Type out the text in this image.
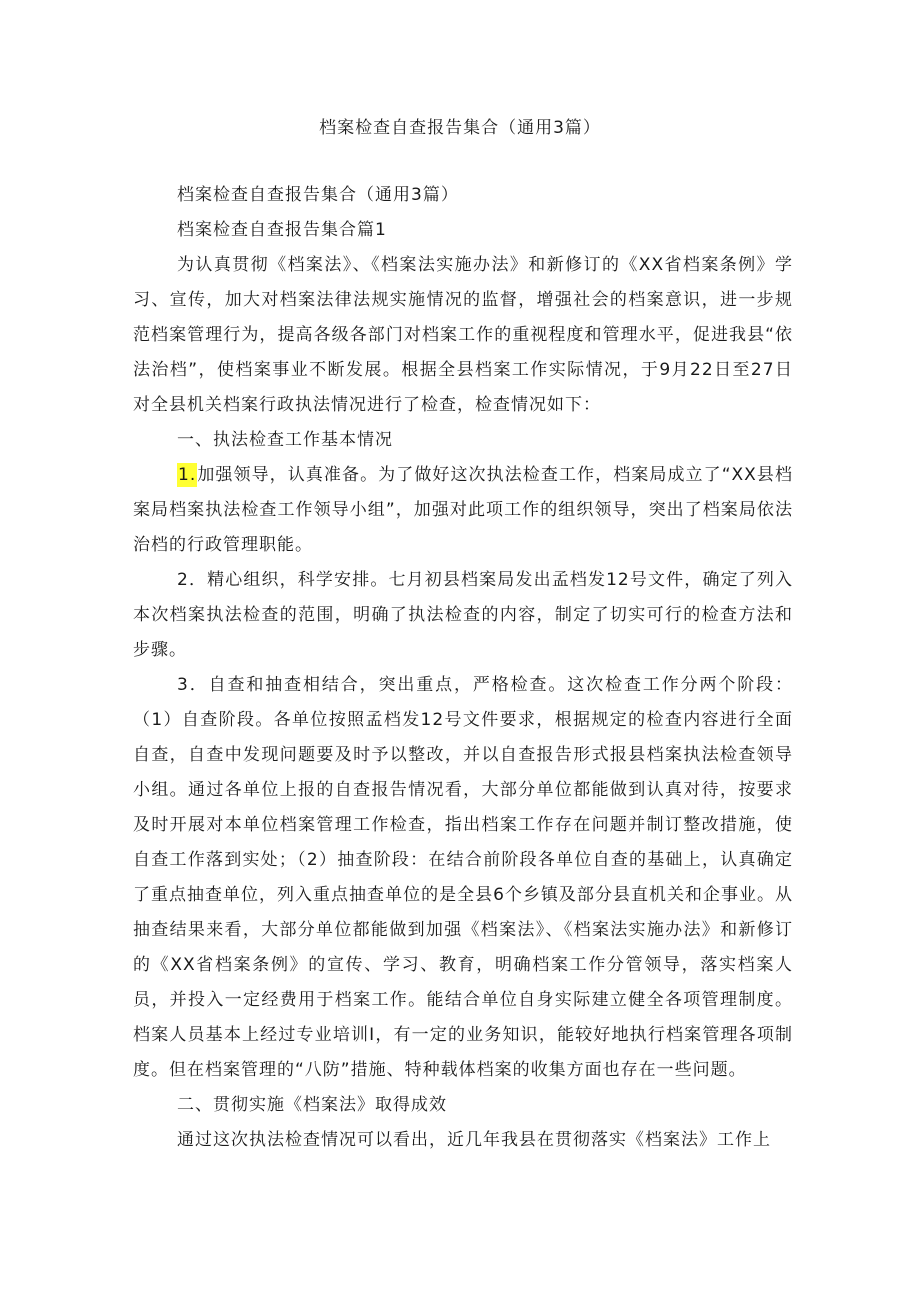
档案检查自查报告集合（通用3篇）

档案检查自查报告集合（通用3篇）

档案检查自查报告集合篇1

为认真贯彻《档案法》、《档案法实施办法》和新修订的《XX省档案条例》学习、宣传，加大对档案法律法规实施情况的监督，增强社会的档案意识，进一步规范档案管理行为，提高各级各部门对档案工作的重视程度和管理水平，促进我县“依法治档”，使档案事业不断发展。根据全县档案工作实际情况，于9月22日至27日对全县机关档案行政执法情况进行了检查，检查情况如下：

一、执法检查工作基本情况

1.加强领导，认真准备。为了做好这次执法检查工作，档案局成立了“XX县档案局档案执法检查工作领导小组”，加强对此项工作的组织领导，突出了档案局依法治档的行政管理职能。

2．精心组织，科学安排。七月初县档案局发出孟档发12号文件，确定了列入本次档案执法检查的范围，明确了执法检查的内容，制定了切实可行的检查方法和步骤。

3．自查和抽查相结合，突出重点，严格检查。这次检查工作分两个阶段：（1）自查阶段。各单位按照孟档发12号文件要求，根据规定的检查内容进行全面自查，自查中发现问题要及时予以整改，并以自查报告形式报县档案执法检查领导小组。通过各单位上报的自查报告情况看，大部分单位都能做到认真对待，按要求及时开展对本单位档案管理工作检查，指出档案工作存在问题并制订整改措施，使自查工作落到实处；（2）抽查阶段：在结合前阶段各单位自查的基础上，认真确定了重点抽查单位，列入重点抽查单位的是全县6个乡镇及部分县直机关和企事业。从抽查结果来看，大部分单位都能做到加强《档案法》、《档案法实施办法》和新修订的《XX省档案条例》的宣传、学习、教育，明确档案工作分管领导，落实档案人员，并投入一定经费用于档案工作。能结合单位自身实际建立健全各项管理制度。档案人员基本上经过专业培训I，有一定的业务知识，能较好地执行档案管理各项制度。但在档案管理的“八防”措施、特种载体档案的收集方面也存在一些问题。

二、贯彻实施《档案法》取得成效

通过这次执法检查情况可以看出，近几年我县在贯彻落实《档案法》工作上
